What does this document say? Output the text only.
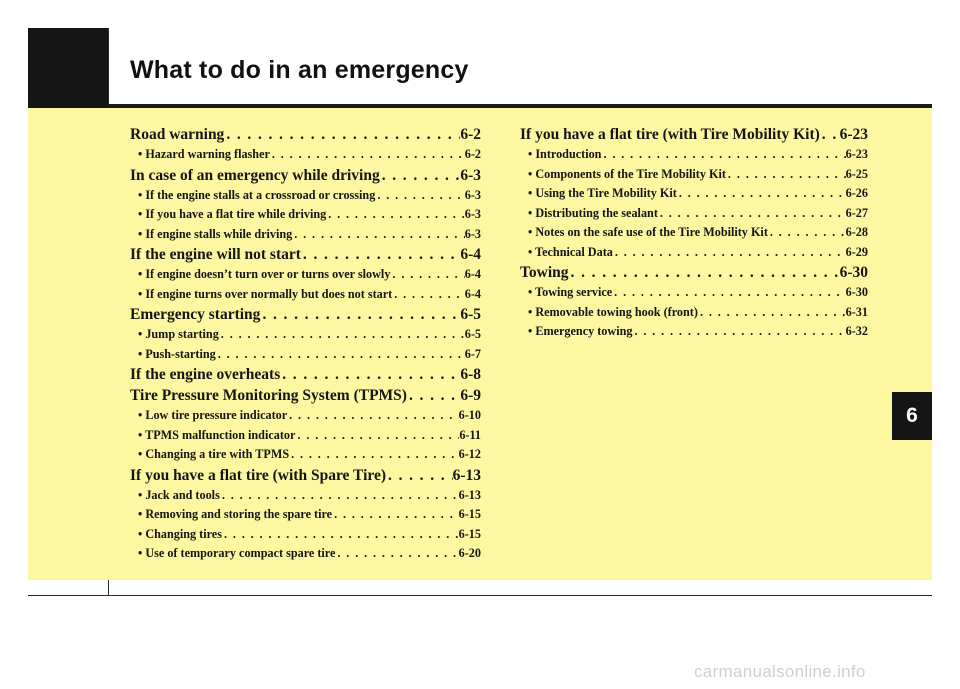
What to do in an emergency
Road warning . . .	6-2
• Hazard warning flasher . . .	6-2
In case of an emergency while driving . . .	6-3
• If the engine stalls at a crossroad or crossing . . .	6-3
• If you have a flat tire while driving . . .	6-3
• If engine stalls while driving . . .	6-3
If the engine will not start . . .	6-4
• If engine doesn’t turn over or turns over slowly . . .	6-4
• If engine turns over normally but does not start . . .	6-4
Emergency starting . . .	6-5
• Jump starting . . .	6-5
• Push-starting . . .	6-7
If the engine overheats . . .	6-8
Tire Pressure Monitoring System (TPMS) . . .	6-9
• Low tire pressure indicator . . .	6-10
• TPMS malfunction indicator . . .	6-11
• Changing a tire with TPMS . . .	6-12
If you have a flat tire (with Spare Tire) . . .	6-13
• Jack and tools . . .	6-13
• Removing and storing the spare tire . . .	6-15
• Changing tires . . .	6-15
• Use of temporary compact spare tire . . .	6-20
If you have a flat tire (with Tire Mobility Kit) . . . 6-23
• Introduction . . .	6-23
• Components of the Tire Mobility Kit . . .	6-25
• Using the Tire Mobility Kit . . .	6-26
• Distributing the sealant . . .	6-27
• Notes on the safe use of the Tire Mobility Kit . . .	6-28
• Technical Data . . .	6-29
Towing . . .	6-30
• Towing service . . .	6-30
• Removable towing hook (front) . . .	6-31
• Emergency towing . . .	6-32
6
carmanualsonline.info
